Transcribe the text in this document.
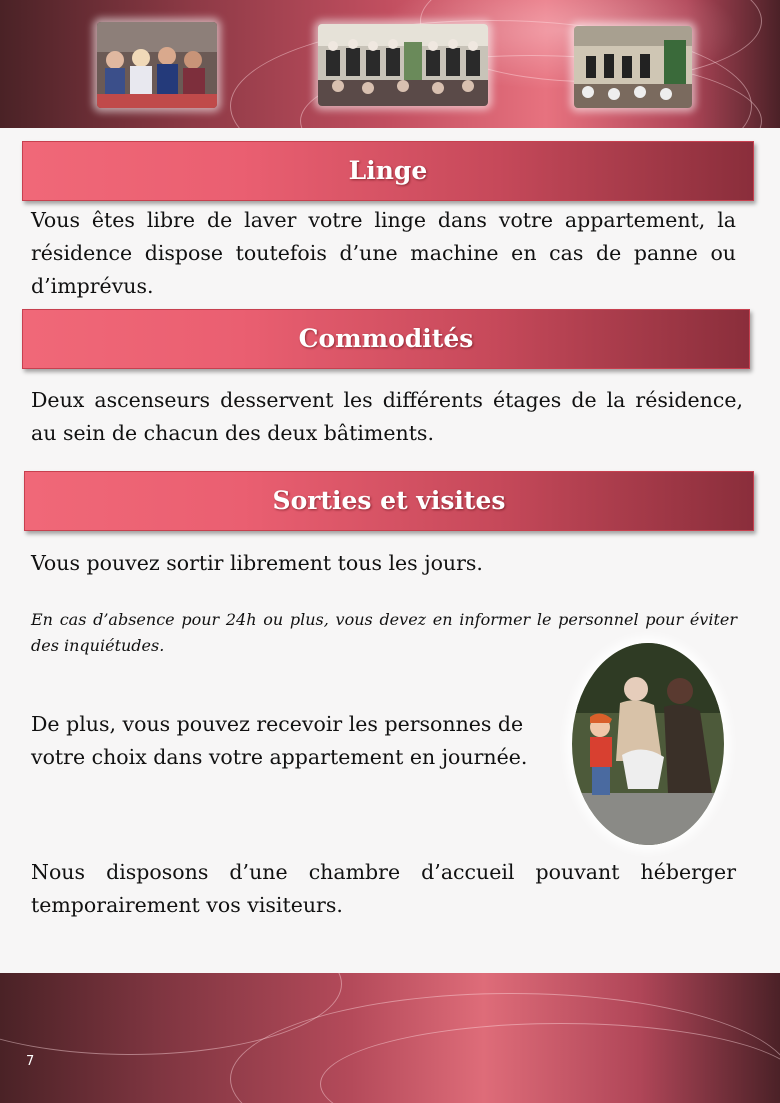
Linge

Vous êtes libre de laver votre linge dans votre appartement, la résidence dispose toutefois d’une machine en cas de panne ou d’imprévus.

Commodités

Deux ascenseurs desservent les différents étages de la résidence, au sein de chacun des deux bâtiments.

Sorties et visites

Vous pouvez sortir librement tous les jours.

En cas d’absence pour 24h ou plus, vous devez en informer le personnel pour éviter des inquiétudes.

De plus, vous pouvez recevoir les personnes de votre choix dans votre appartement en journée.

Nous disposons d’une chambre d’accueil pouvant héberger temporairement vos visiteurs.

7
